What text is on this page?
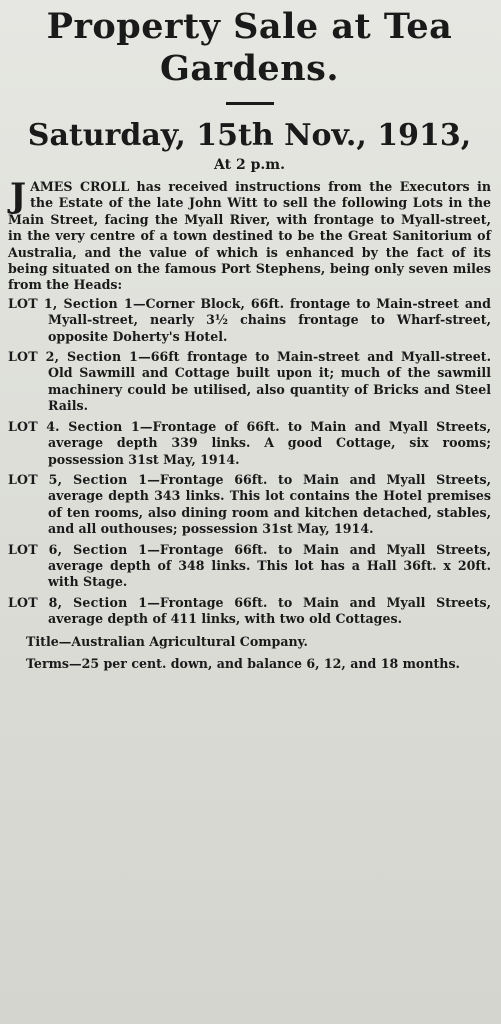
Property Sale at Tea Gardens.

Saturday, 15th Nov., 1913,

At 2 p.m.

JAMES CROLL has received instructions from the Executors in the Estate of the late John Witt to sell the following Lots in the Main Street, facing the Myall River, with frontage to Myall-street, in the very centre of a town destined to be the Great Sanitorium of Australia, and the value of which is enhanced by the fact of its being situated on the famous Port Stephens, being only seven miles from the Heads:

LOT 1, Section 1—Corner Block, 66ft. frontage to Main-street and Myall-street, nearly 3½ chains frontage to Wharf-street, opposite Doherty's Hotel.

LOT 2, Section 1—66ft frontage to Main-street and Myall-street. Old Sawmill and Cottage built upon it; much of the sawmill machinery could be utilised, also quantity of Bricks and Steel Rails.

LOT 4. Section 1—Frontage of 66ft. to Main and Myall Streets, average depth 339 links. A good Cottage, six rooms; possession 31st May, 1914.

LOT 5, Section 1—Frontage 66ft. to Main and Myall Streets, average depth 343 links. This lot contains the Hotel premises of ten rooms, also dining room and kitchen detached, stables, and all outhouses; possession 31st May, 1914.

LOT 6, Section 1—Frontage 66ft. to Main and Myall Streets, average depth of 348 links. This lot has a Hall 36ft. x 20ft. with Stage.

LOT 8, Section 1—Frontage 66ft. to Main and Myall Streets, average depth of 411 links, with two old Cottages.

Title—Australian Agricultural Company.

Terms—25 per cent. down, and balance 6, 12, and 18 months.
